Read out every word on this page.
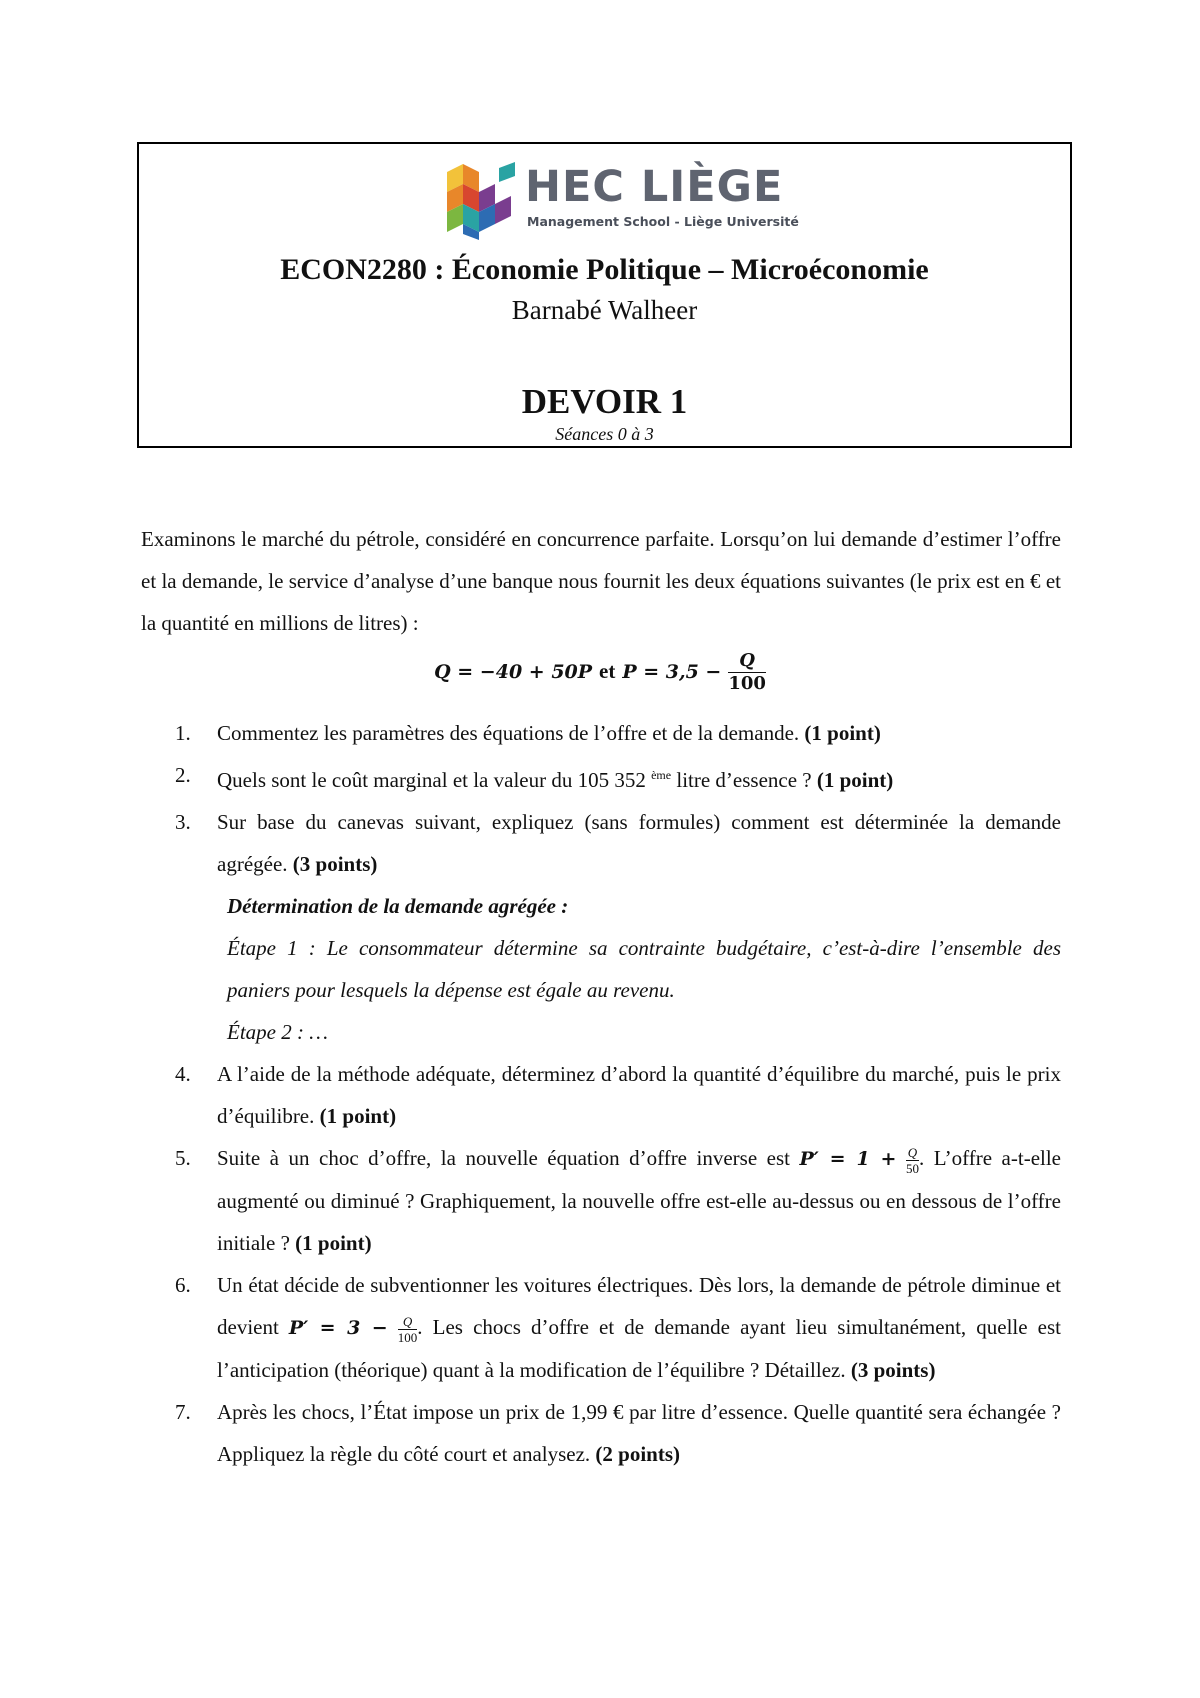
HEC LIÈGE
Management School - Liège Université
ECON2280 : Économie Politique – Microéconomie
Barnabé Walheer
DEVOIR 1
Séances 0 à 3
Examinons le marché du pétrole, considéré en concurrence parfaite. Lorsqu’on lui demande d’estimer l’offre et la demande, le service d’analyse d’une banque nous fournit les deux équations suivantes (le prix est en € et la quantité en millions de litres) :
Q = −40 + 50P et $P = 3,5 - \frac{Q}{100}$
1. Commentez les paramètres des équations de l’offre et de la demande. (1 point)
2. Quels sont le coût marginal et la valeur du 105 352 $^{ème}$ litre d’essence ? (1 point)
3. Sur base du canevas suivant, expliquez (sans formules) comment est déterminée la demande agrégée. (3 points)
Détermination de la demande agrégée :
Étape 1 : Le consommateur détermine sa contrainte budgétaire, c’est-à-dire l’ensemble des paniers pour lesquels la dépense est égale au revenu.
Étape 2 : …
4. A l’aide de la méthode adéquate, déterminez d’abord la quantité d’équilibre du marché, puis le prix d’équilibre. (1 point)
5. Suite à un choc d’offre, la nouvelle équation d’offre inverse est $P' = 1 + \frac{Q}{50}$ . L’offre a-t-elle augmenté ou diminué ? Graphiquement, la nouvelle offre est-elle au-dessus ou en dessous de l’offre initiale ? (1 point)
6. Un état décide de subventionner les voitures électriques. Dès lors, la demande de pétrole diminue et devient $P' = 3 - \frac{Q}{100}$ . Les chocs d’offre et de demande ayant lieu simultanément, quelle est l’anticipation (théorique) quant à la modification de l’équilibre ? Détaillez. (3 points)
7. Après les chocs, l’État impose un prix de 1,99 € par litre d’essence. Quelle quantité sera échangée ? Appliquez la règle du côté court et analysez. (2 points)
